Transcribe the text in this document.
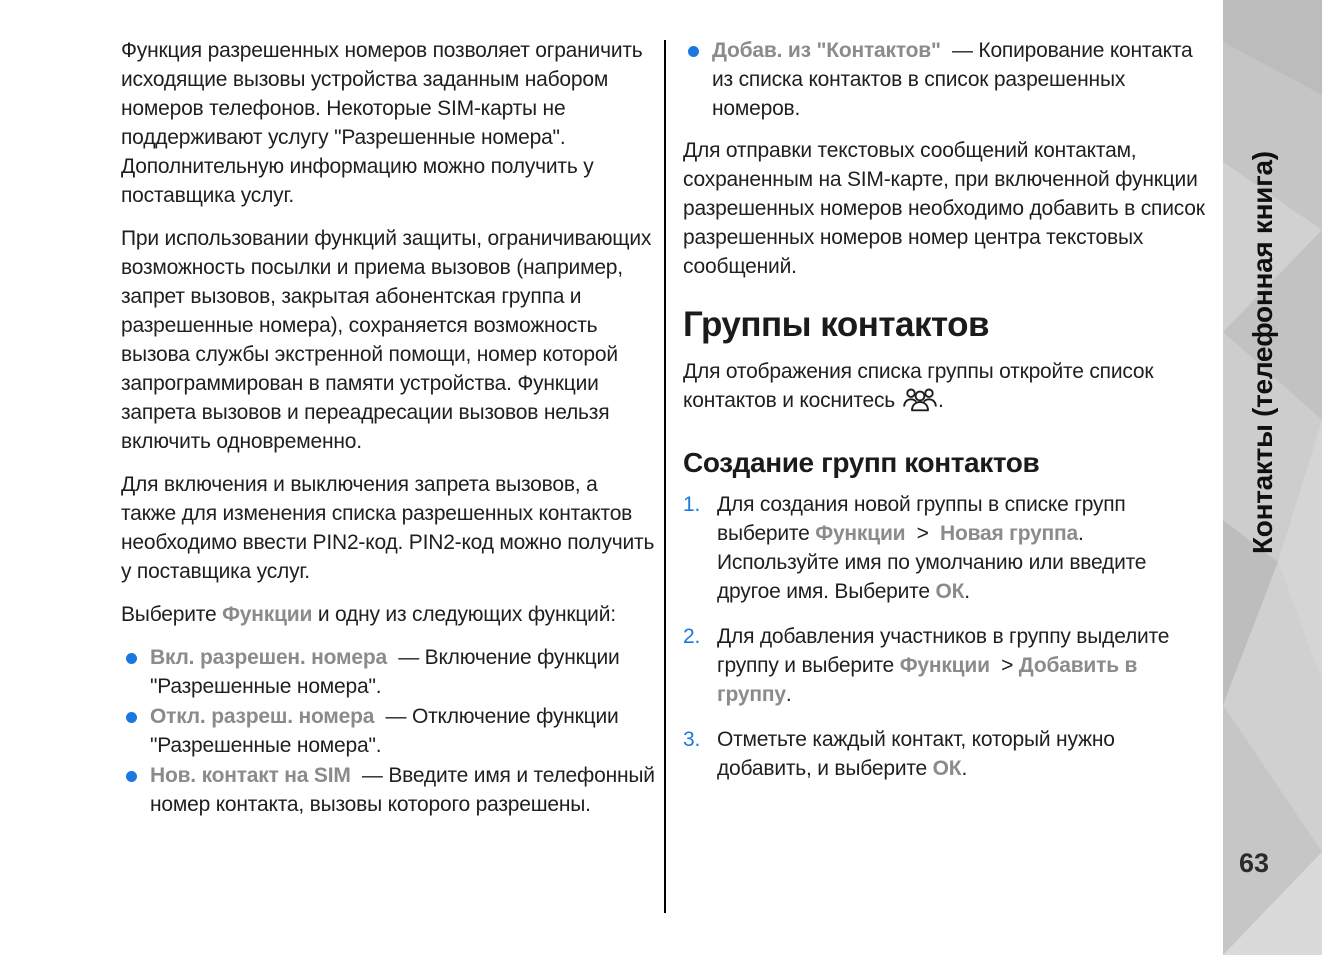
Функция разрешенных номеров позволяет ограничить исходящие вызовы устройства заданным набором номеров телефонов. Некоторые SIM-карты не поддерживают услугу "Разрешенные номера". Дополнительную информацию можно получить у поставщика услуг.

При использовании функций защиты, ограничивающих возможность посылки и приема вызовов (например, запрет вызовов, закрытая абонентская группа и разрешенные номера), сохраняется возможность вызова службы экстренной помощи, номер которой запрограммирован в памяти устройства. Функции запрета вызовов и переадресации вызовов нельзя включить одновременно.

Для включения и выключения запрета вызовов, а также для изменения списка разрешенных контактов необходимо ввести PIN2-код. PIN2-код можно получить у поставщика услуг.

Выберите Функции и одну из следующих функций:

Вкл. разрешен. номера  — Включение функции "Разрешенные номера".
Откл. разреш. номера  — Отключение функции "Разрешенные номера".
Нов. контакт на SIM  — Введите имя и телефонный номер контакта, вызовы которого разрешены.
Добав. из "Контактов"  — Копирование контакта из списка контактов в список разрешенных номеров.

Для отправки текстовых сообщений контактам, сохраненным на SIM-карте, при включенной функции разрешенных номеров необходимо добавить в список разрешенных номеров номер центра текстовых сообщений.

Группы контактов

Для отображения списка группы откройте список контактов и коснитесь .

Создание групп контактов
1. Для создания новой группы в списке групп выберите Функции  >  Новая группа. Используйте имя по умолчанию или введите другое имя. Выберите ОК.
2. Для добавления участников в группу выделите группу и выберите Функции  > Добавить в группу.
3. Отметьте каждый контакт, который нужно добавить, и выберите ОК.
Контакты (телефонная книга)
63
